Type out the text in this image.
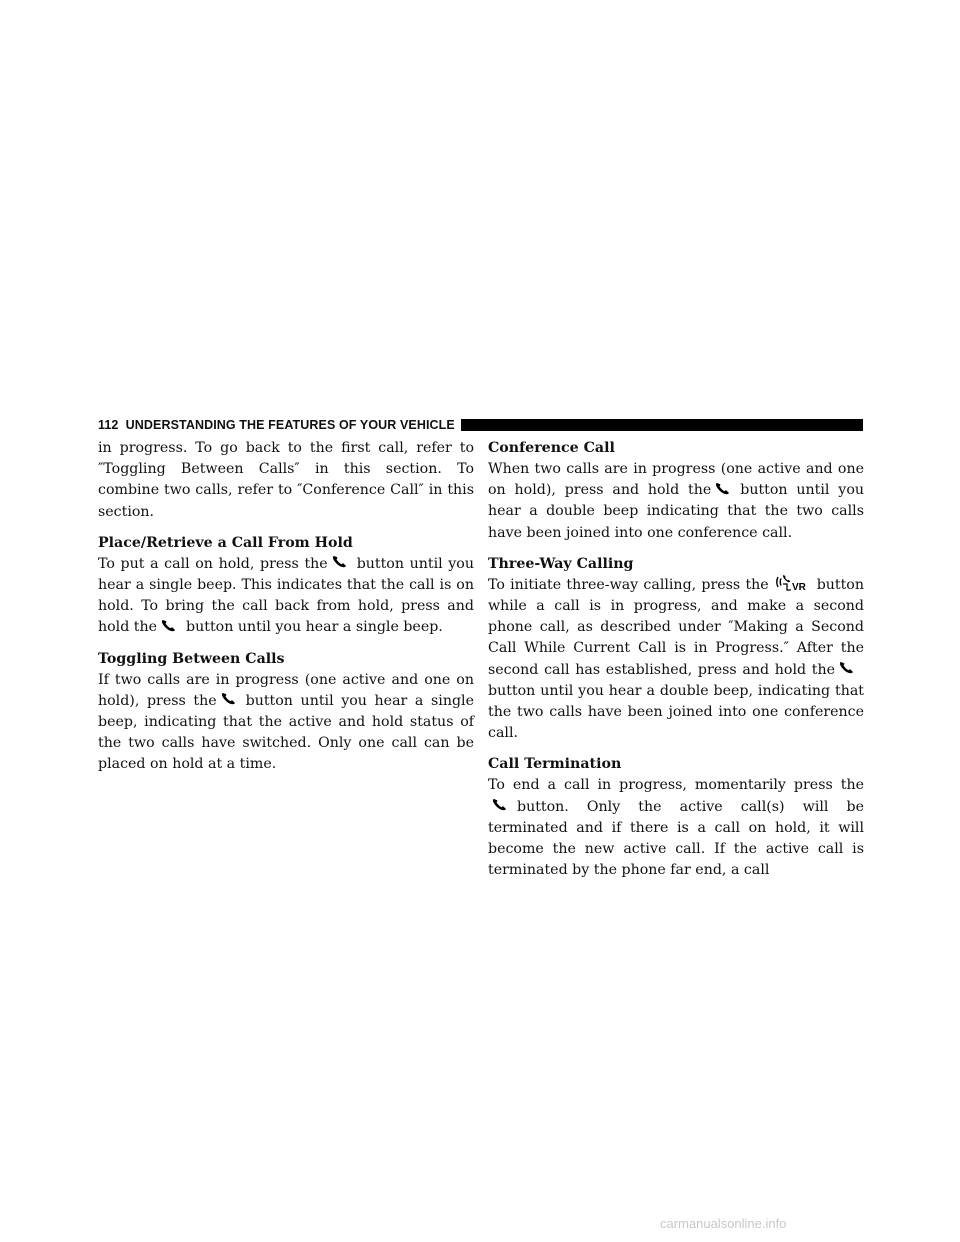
112 UNDERSTANDING THE FEATURES OF YOUR VEHICLE

in progress. To go back to the first call, refer to ″Toggling Between Calls″ in this section. To combine two calls, refer to ″Conference Call″ in this section.

Place/Retrieve a Call From Hold

To put a call on hold, press the button until you hear a single beep. This indicates that the call is on hold. To bring the call back from hold, press and hold the button until you hear a single beep.

Toggling Between Calls

If two calls are in progress (one active and one on hold), press the button until you hear a single beep, indicating that the active and hold status of the two calls have switched. Only one call can be placed on hold at a time.

Conference Call

When two calls are in progress (one active and one on hold), press and hold the button until you hear a double beep indicating that the two calls have been joined into one conference call.

Three-Way Calling

To initiate three-way calling, press the VR button while a call is in progress, and make a second phone call, as described under ″Making a Second Call While Current Call is in Progress.″ After the second call has established, press and hold thebutton until you hear a double beep, indicating that the two calls have been joined into one conference call.

Call Termination

To end a call in progress, momentarily press thebutton. Only the active call(s) will be terminated and if there is a call on hold, it will become the new active call. If the active call is terminated by the phone far end, a call

carmanualsonline.info
